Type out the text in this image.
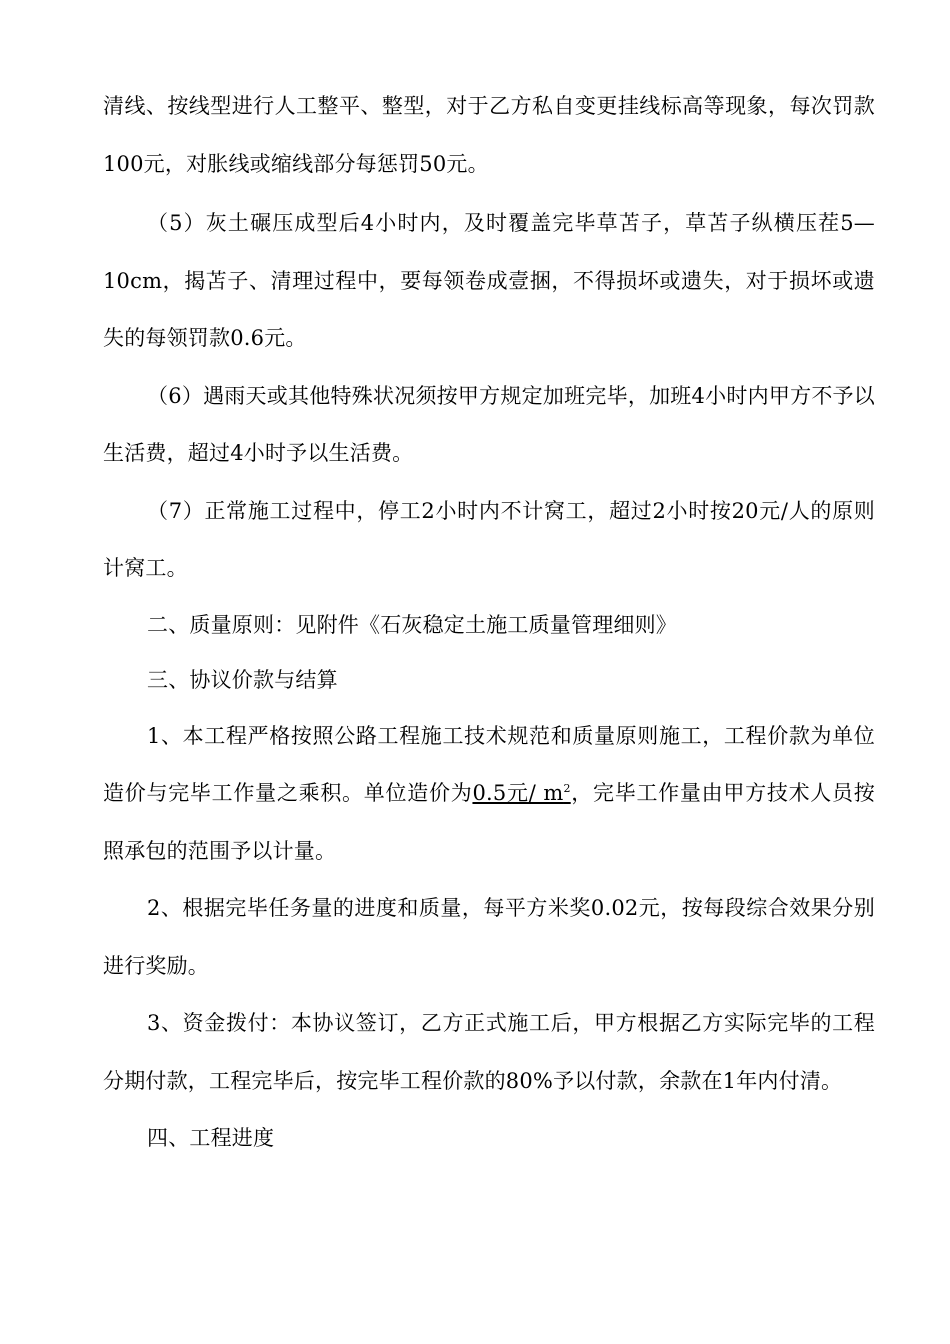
清线、按线型进行人工整平、整型，对于乙方私自变更挂线标高等现象，每次罚款100元，对胀线或缩线部分每惩罚50元。

（5）灰土碾压成型后4小时内，及时覆盖完毕草苫子，草苫子纵横压茬5—10cm，揭苫子、清理过程中，要每领卷成壹捆，不得损坏或遗失，对于损坏或遗失的每领罚款0.6元。

（6）遇雨天或其他特殊状况须按甲方规定加班完毕，加班4小时内甲方不予以生活费，超过4小时予以生活费。

（7）正常施工过程中，停工2小时内不计窝工，超过2小时按20元/人的原则计窝工。

二、质量原则：见附件《石灰稳定土施工质量管理细则》

三、协议价款与结算

1、本工程严格按照公路工程施工技术规范和质量原则施工，工程价款为单位造价与完毕工作量之乘积。单位造价为0.5元/ $m^2$，完毕工作量由甲方技术人员按照承包的范围予以计量。

2、根据完毕任务量的进度和质量，每平方米奖0.02元，按每段综合效果分别进行奖励。

3、资金拨付：本协议签订，乙方正式施工后，甲方根据乙方实际完毕的工程分期付款，工程完毕后，按完毕工程价款的80%予以付款，余款在1年内付清。

四、工程进度
